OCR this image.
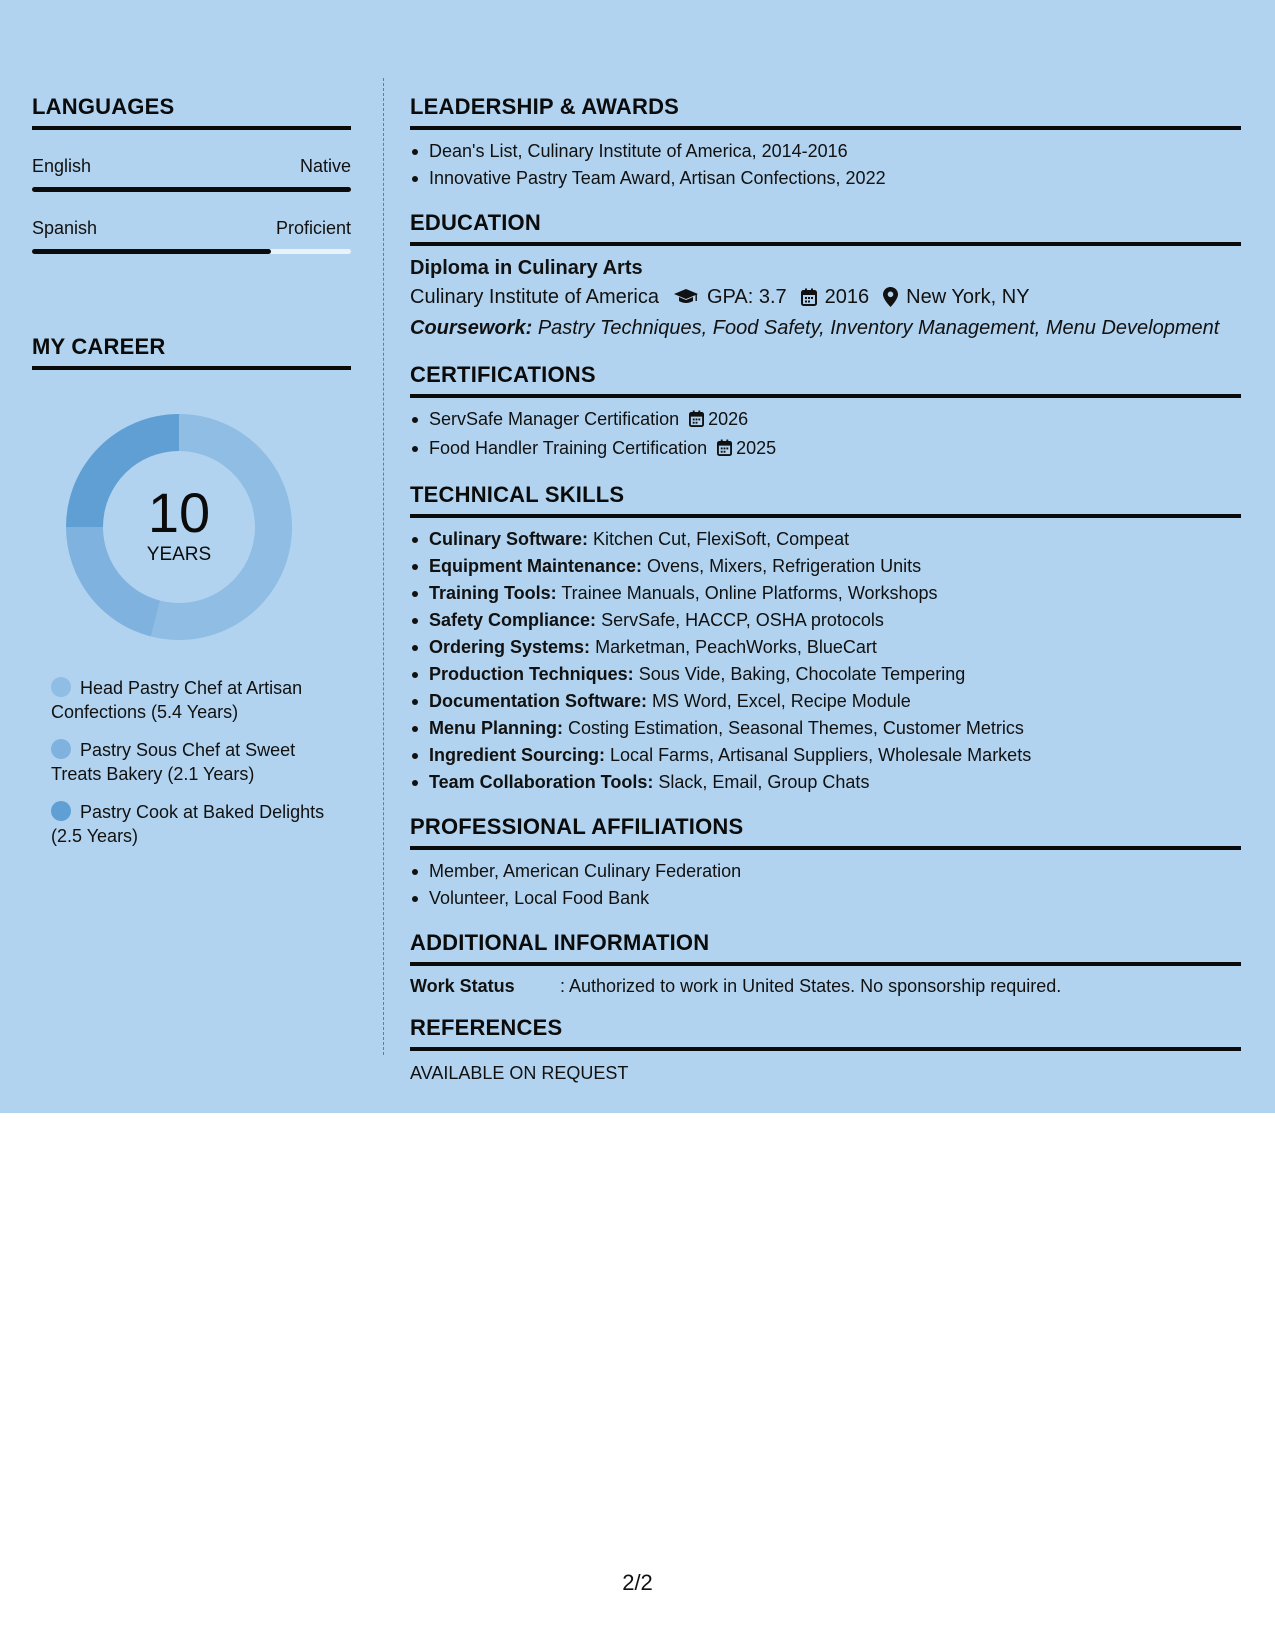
LANGUAGES
English	Native
Spanish	Proficient
MY CAREER
10
YEARS
Head Pastry Chef at Artisan Confections (5.4 Years)
Pastry Sous Chef at Sweet Treats Bakery (2.1 Years)
Pastry Cook at Baked Delights (2.5 Years)
LEADERSHIP & AWARDS
Dean's List, Culinary Institute of America, 2014-2016
Innovative Pastry Team Award, Artisan Confections, 2022
EDUCATION
Diploma in Culinary Arts
Culinary Institute of America GPA: 3.7 2016 New York, NY
Coursework: Pastry Techniques, Food Safety, Inventory Management, Menu Development
CERTIFICATIONS
ServSafe Manager Certification 2026
Food Handler Training Certification 2025
TECHNICAL SKILLS
Culinary Software: Kitchen Cut, FlexiSoft, Compeat
Equipment Maintenance: Ovens, Mixers, Refrigeration Units
Training Tools: Trainee Manuals, Online Platforms, Workshops
Safety Compliance: ServSafe, HACCP, OSHA protocols
Ordering Systems: Marketman, PeachWorks, BlueCart
Production Techniques: Sous Vide, Baking, Chocolate Tempering
Documentation Software: MS Word, Excel, Recipe Module
Menu Planning: Costing Estimation, Seasonal Themes, Customer Metrics
Ingredient Sourcing: Local Farms, Artisanal Suppliers, Wholesale Markets
Team Collaboration Tools: Slack, Email, Group Chats
PROFESSIONAL AFFILIATIONS
Member, American Culinary Federation
Volunteer, Local Food Bank
ADDITIONAL INFORMATION
Work Status	: Authorized to work in United States. No sponsorship required.
REFERENCES
AVAILABLE ON REQUEST
2/2
